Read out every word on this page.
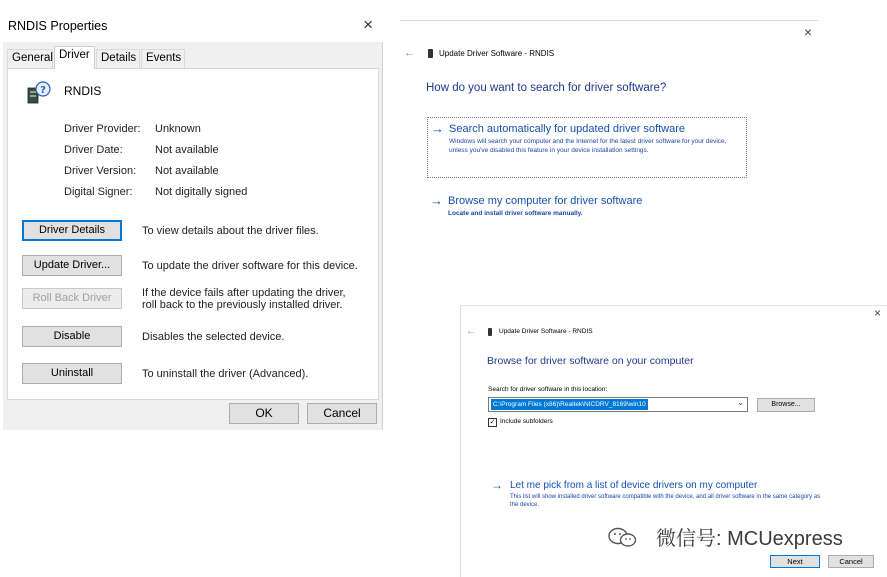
RNDIS Properties	×
General Driver Details Events
? RNDIS
Driver Provider: Unknown
Driver Date:	Not available
Driver Version: Not available
Digital Signer: Not digitally signed
Driver Details	To view details about the driver files.
Update Driver...	To update the driver software for this device.
Roll Back Driver	If the device fails after updating the driver, roll back to the previously installed driver.
Disable	Disables the selected device.
Uninstall	To uninstall the driver (Advanced).
OK	Cancel
×
←	Update Driver Software - RNDIS
How do you want to search for driver software?
→ Search automatically for updated driver software
Windows will search your computer and the Internet for the latest driver software for your device, unless you've disabled this feature in your device installation settings.
→ Browse my computer for driver software
Locate and install driver software manually.
×
←	Update Driver Software - RNDIS
Browse for driver software on your computer
Search for driver software in this location:
C:\Program Files (x86)\Realtek\NICDRV_8169\win10	⌄	Browse...
✓ Include subfolders
→ Let me pick from a list of device drivers on my computer
This list will show installed driver software compatible with the device, and all driver software in the same category as the device.
Next	Cancel
微信号: MCUexpress
